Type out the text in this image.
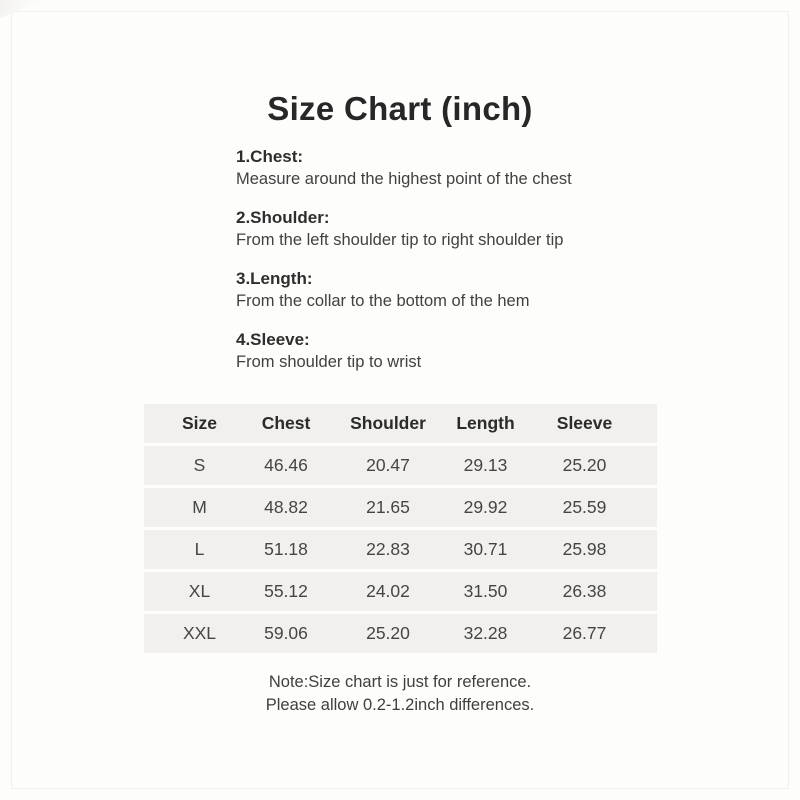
Size Chart (inch)
1.Chest:
Measure around the highest point of the chest
2.Shoulder:
From the left shoulder tip to right shoulder tip
3.Length:
From the collar to the bottom of the hem
4.Sleeve:
From shoulder tip to wrist
Size	Chest Shoulder Length Sleeve
S	46.46	20.47	29.13	25.20
M	48.82	21.65	29.92	25.59
L	51.18	22.83	30.71	25.98
XL	55.12	24.02	31.50	26.38
XXL	59.06	25.20	32.28	26.77
Note:Size chart is just for reference.
Please allow 0.2-1.2inch differences.
